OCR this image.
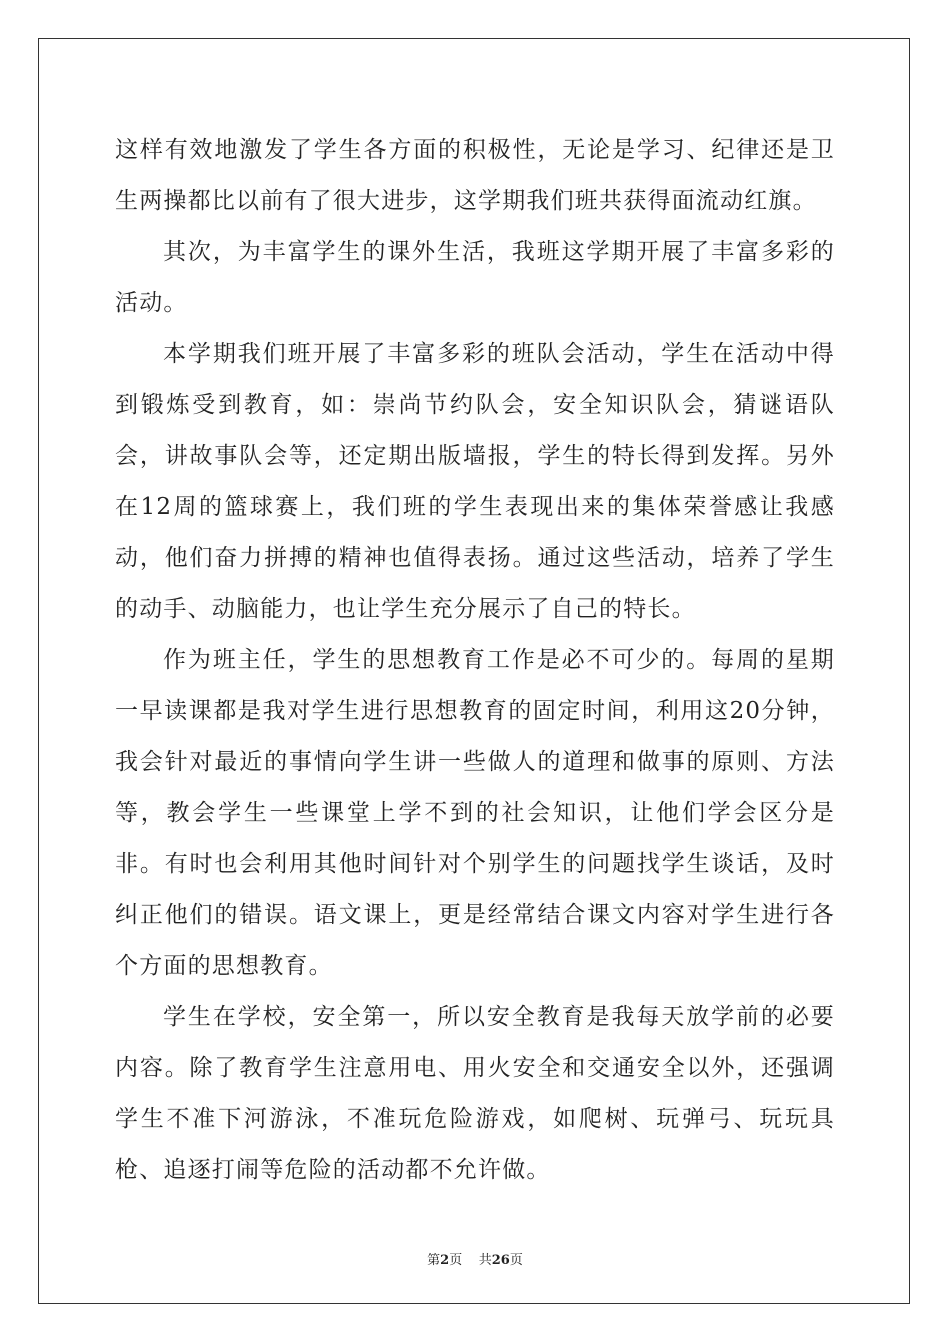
这样有效地激发了学生各方面的积极性，无论是学习、纪律还是卫生两操都比以前有了很大进步，这学期我们班共获得面流动红旗。

其次，为丰富学生的课外生活，我班这学期开展了丰富多彩的活动。

本学期我们班开展了丰富多彩的班队会活动，学生在活动中得到锻炼受到教育，如：崇尚节约队会，安全知识队会，猜谜语队会，讲故事队会等，还定期出版墙报，学生的特长得到发挥。另外在12周的篮球赛上，我们班的学生表现出来的集体荣誉感让我感动，他们奋力拼搏的精神也值得表扬。通过这些活动，培养了学生的动手、动脑能力，也让学生充分展示了自己的特长。

作为班主任，学生的思想教育工作是必不可少的。每周的星期一早读课都是我对学生进行思想教育的固定时间，利用这20分钟，我会针对最近的事情向学生讲一些做人的道理和做事的原则、方法等，教会学生一些课堂上学不到的社会知识，让他们学会区分是非。有时也会利用其他时间针对个别学生的问题找学生谈话，及时纠正他们的错误。语文课上，更是经常结合课文内容对学生进行各个方面的思想教育。

学生在学校，安全第一，所以安全教育是我每天放学前的必要内容。除了教育学生注意用电、用火安全和交通安全以外，还强调学生不准下河游泳，不准玩危险游戏，如爬树、玩弹弓、玩玩具枪、追逐打闹等危险的活动都不允许做。

第2页 共26页
